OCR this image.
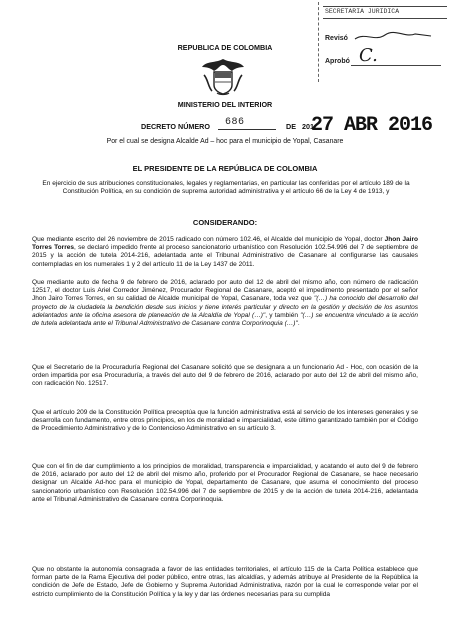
SECRETARIA JURIDICA
Revisó
Aprobó C.
REPUBLICA DE COLOMBIA
MINISTERIO DEL INTERIOR
DECRETO NÚMERO 686	DE 201
27 ABR 2016
Por el cual se designa Alcalde Ad – hoc para el municipio de Yopal, Casanare
EL PRESIDENTE DE LA REPÚBLICA DE COLOMBIA
En ejercicio de sus atribuciones constitucionales, legales y reglamentarias, en particular las conferidas por el artículo 189 de la Constitución Política, en su condición de suprema autoridad administrativa y el artículo 66 de la Ley 4 de 1913, y
CONSIDERANDO:
Que mediante escrito del 26 noviembre de 2015 radicado con número 102.46, el Alcalde del municipio de Yopal, doctor Jhon Jairo Torres Torres, se declaró impedido frente al proceso sancionatorio urbanístico con Resolución 102.54.996 del 7 de septiembre de 2015 y la acción de tutela 2014-216, adelantada ante el Tribunal Administrativo de Casanare al configurarse las causales contempladas en los numerales 1 y 2 del artículo 11 de la Ley 1437 de 2011.
Que mediante auto de fecha 9 de febrero de 2016, aclarado por auto del 12 de abril del mismo año, con número de radicación 12517, el doctor Luis Ariel Corredor Jiménez, Procurador Regional de Casanare, aceptó el impedimento presentado por el señor Jhon Jairo Torres Torres, en su calidad de Alcalde municipal de Yopal, Casanare, toda vez que "(…) ha conocido del desarrollo del proyecto de la ciudadela la bendición desde sus inicios y tiene interés particular y directo en la gestión y decisión de los asuntos adelantados ante la oficina asesora de planeación de la Alcaldía de Yopal (…)", y también "(…) se encuentra vinculado a la acción de tutela adelantada ante el Tribunal Administrativo de Casanare contra Corporinoquia (…)".
Que el Secretario de la Procuraduría Regional del Casanare solicitó que se designara a un funcionario Ad - Hoc, con ocasión de la orden impartida por esa Procuraduría, a través del auto del 9 de febrero de 2016, aclarado por auto del 12 de abril del mismo año, con radicación No. 12517.
Que el artículo 209 de la Constitución Política preceptúa que la función administrativa está al servicio de los intereses generales y se desarrolla con fundamento, entre otros principios, en los de moralidad e imparcialidad, este último garantizado también por el Código de Procedimiento Administrativo y de lo Contencioso Administrativo en su artículo 3.
Que con el fin de dar cumplimiento a los principios de moralidad, transparencia e imparcialidad, y acatando el auto del 9 de febrero de 2016, aclarado por auto del 12 de abril del mismo año, proferido por el Procurador Regional de Casanare, se hace necesario designar un Alcalde Ad-hoc para el municipio de Yopal, departamento de Casanare, que asuma el conocimiento del proceso sancionatorio urbanístico con Resolución 102.54.996 del 7 de septiembre de 2015 y de la acción de tutela 2014-216, adelantada ante el Tribunal Administrativo de Casanare contra Corporinoquia.
Que no obstante la autonomía consagrada a favor de las entidades territoriales, el artículo 115 de la Carta Política establece que forman parte de la Rama Ejecutiva del poder público, entre otras, las alcaldías, y además atribuye al Presidente de la República la condición de Jefe de Estado, Jefe de Gobierno y Suprema Autoridad Administrativa, razón por la cual le corresponde velar por el estricto cumplimiento de la Constitución Política y la ley y dar las órdenes necesarias para su cumplida
